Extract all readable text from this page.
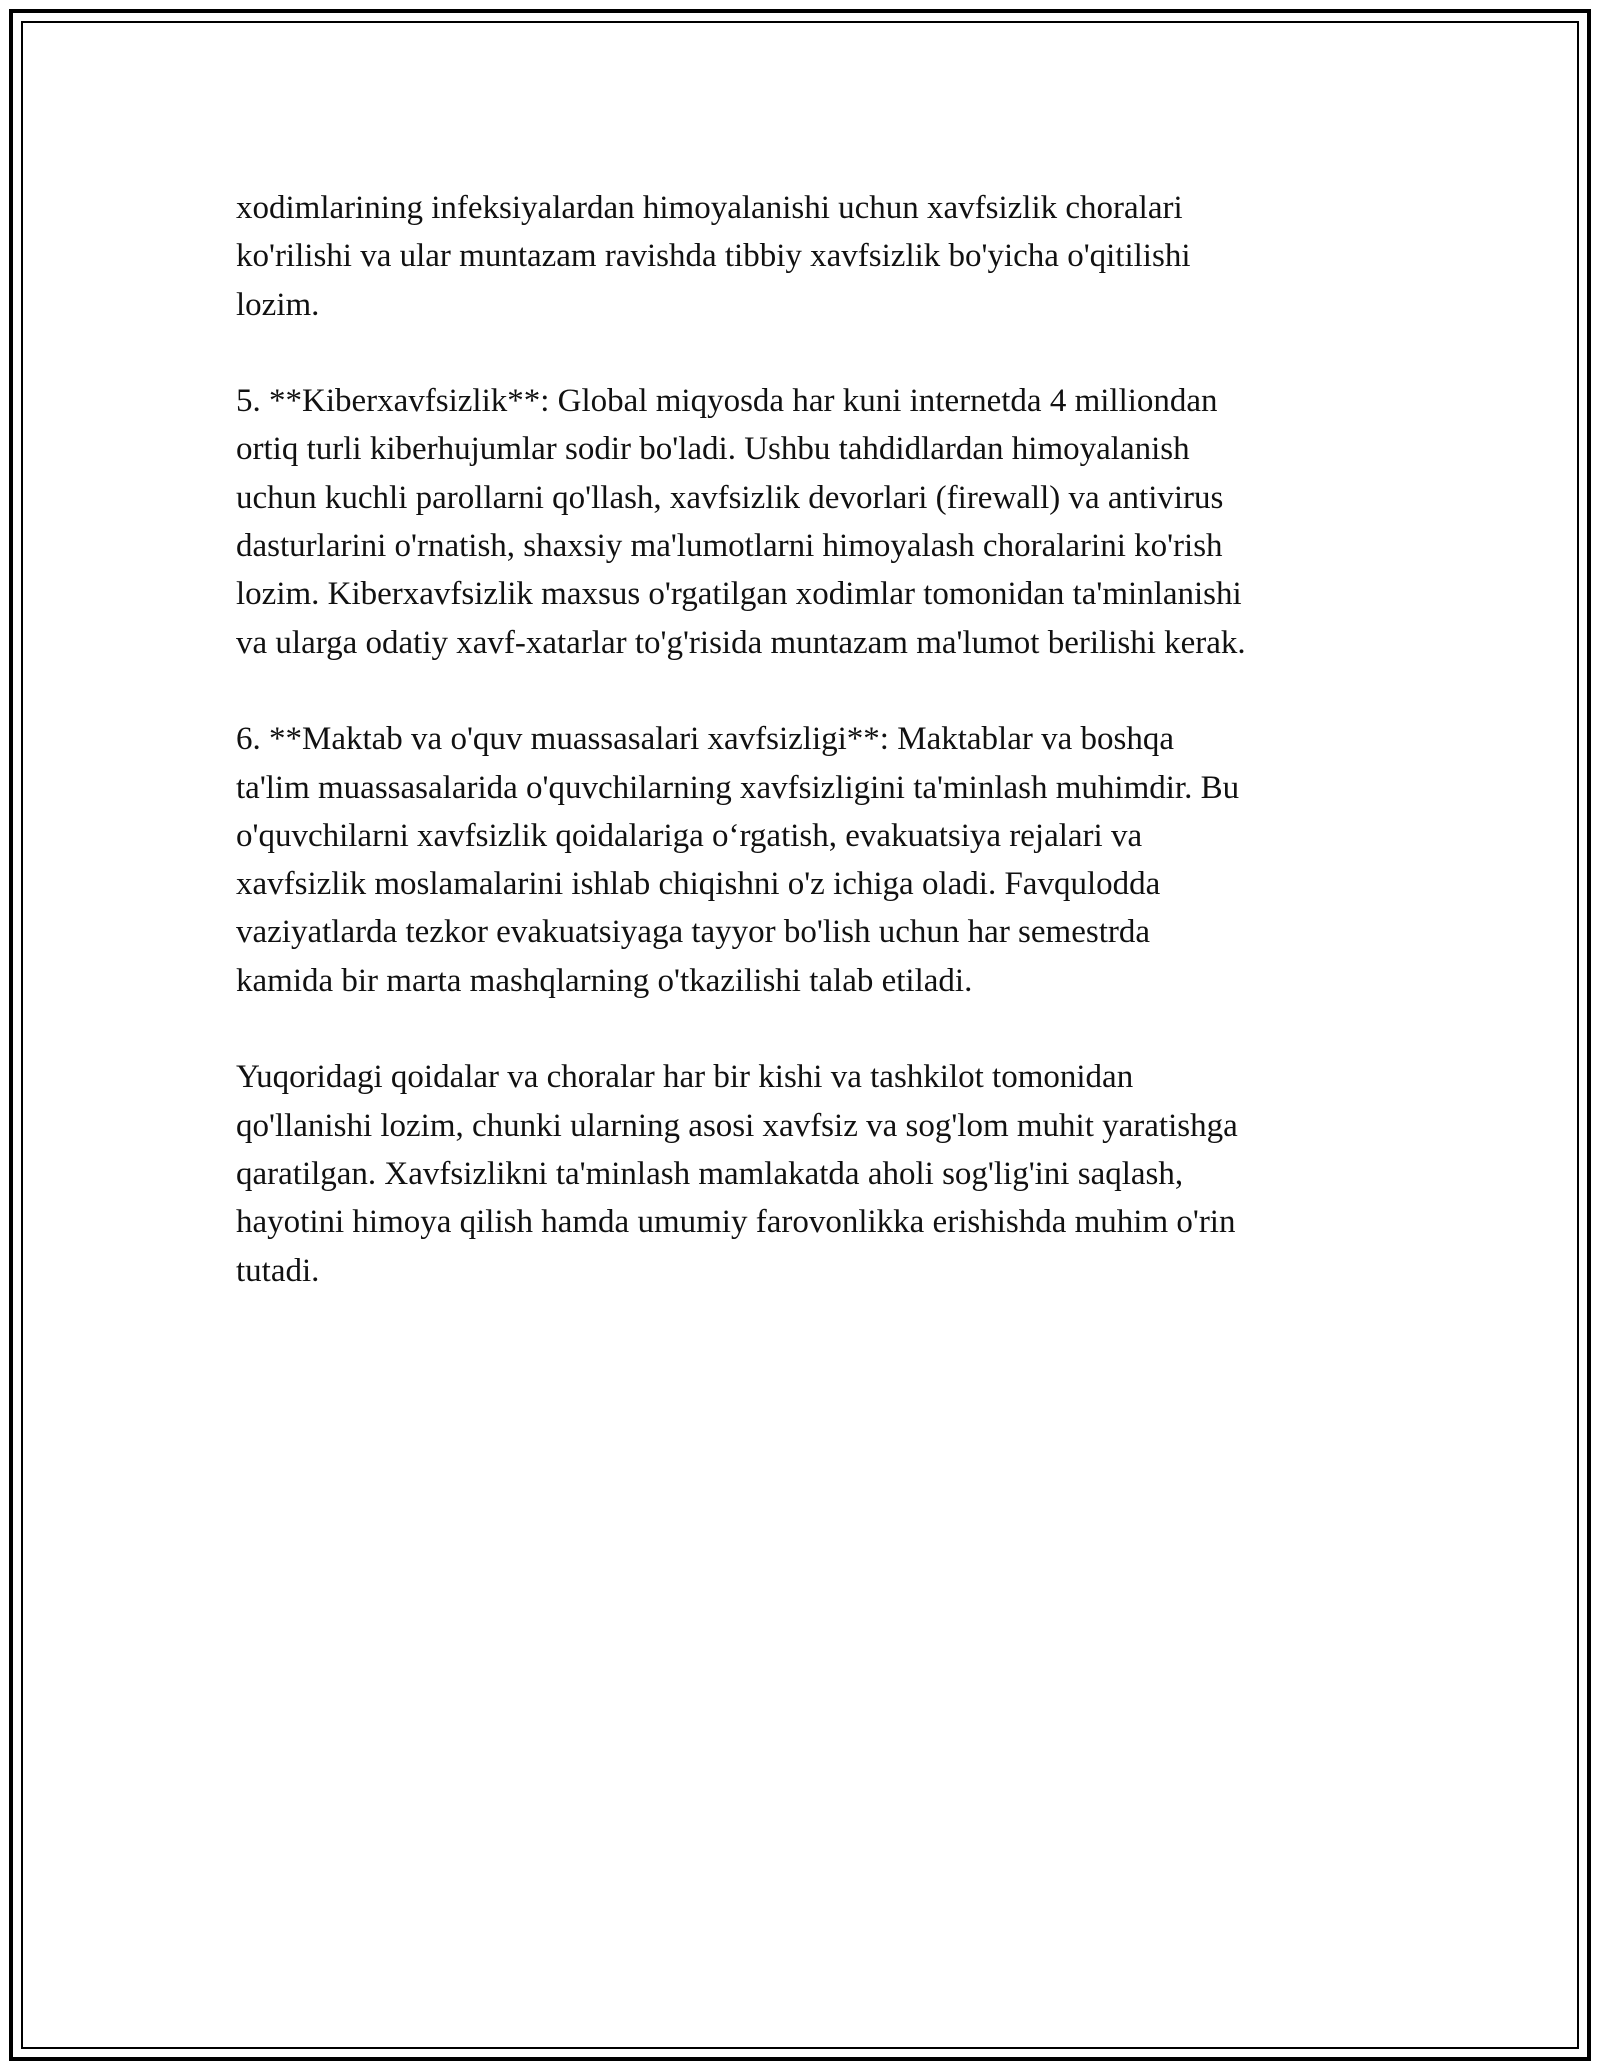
xodimlarining infeksiyalardan himoyalanishi uchun xavfsizlik choralari
ko'rilishi va ular muntazam ravishda tibbiy xavfsizlik bo'yicha o'qitilishi
lozim.

5. **Kiberxavfsizlik**: Global miqyosda har kuni internetda 4 milliondan
ortiq turli kiberhujumlar sodir bo'ladi. Ushbu tahdidlardan himoyalanish
uchun kuchli parollarni qo'llash, xavfsizlik devorlari (firewall) va antivirus
dasturlarini o'rnatish, shaxsiy ma'lumotlarni himoyalash choralarini ko'rish
lozim. Kiberxavfsizlik maxsus o'rgatilgan xodimlar tomonidan ta'minlanishi
va ularga odatiy xavf-xatarlar to'g'risida muntazam ma'lumot berilishi kerak.

6. **Maktab va o'quv muassasalari xavfsizligi**: Maktablar va boshqa
ta'lim muassasalarida o'quvchilarning xavfsizligini ta'minlash muhimdir. Bu
o'quvchilarni xavfsizlik qoidalariga o‘rgatish, evakuatsiya rejalari va
xavfsizlik moslamalarini ishlab chiqishni o'z ichiga oladi. Favqulodda
vaziyatlarda tezkor evakuatsiyaga tayyor bo'lish uchun har semestrda
kamida bir marta mashqlarning o'tkazilishi talab etiladi.

Yuqoridagi qoidalar va choralar har bir kishi va tashkilot tomonidan
qo'llanishi lozim, chunki ularning asosi xavfsiz va sog'lom muhit yaratishga
qaratilgan. Xavfsizlikni ta'minlash mamlakatda aholi sog'lig'ini saqlash,
hayotini himoya qilish hamda umumiy farovonlikka erishishda muhim o'rin
tutadi.
